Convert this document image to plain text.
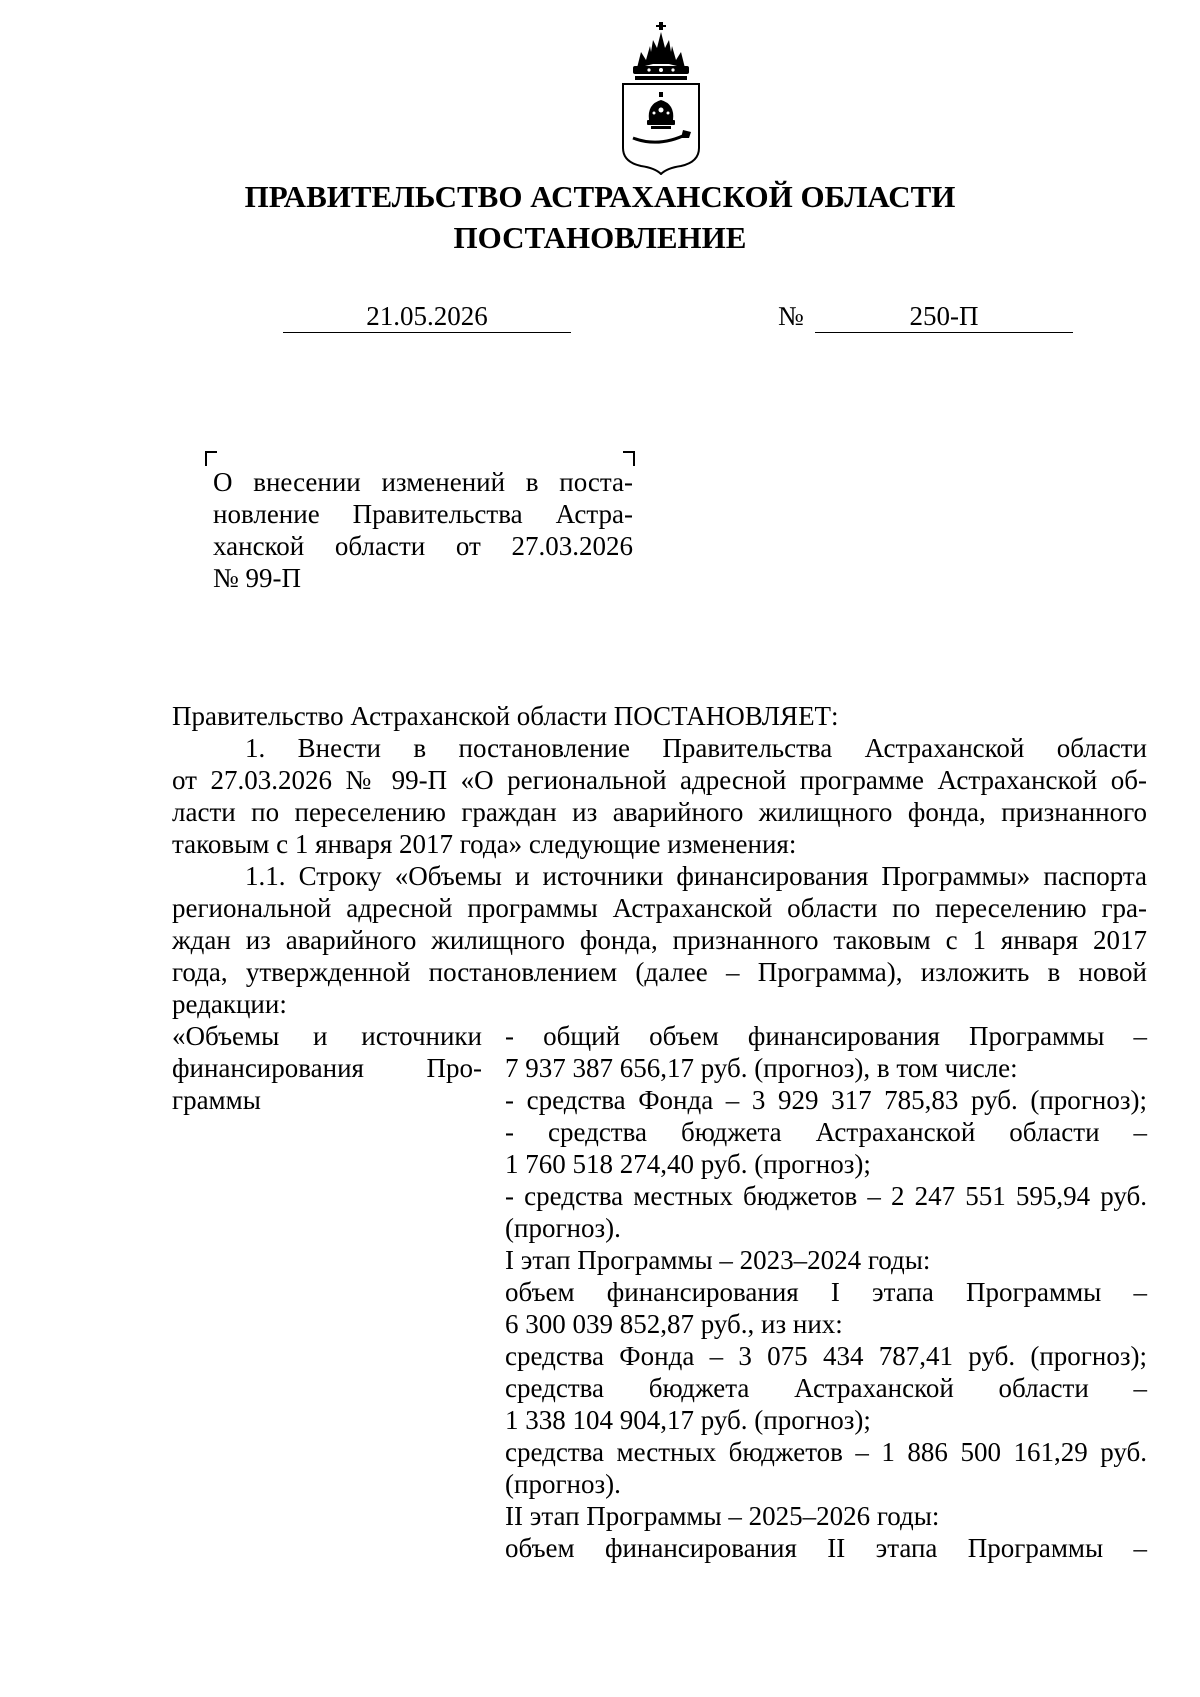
ПРАВИТЕЛЬСТВО АСТРАХАНСКОЙ ОБЛАСТИ
ПОСТАНОВЛЕНИЕ
21.05.2026	№	250-П
О внесении изменений в поста-
новление Правительства Астра-
ханской области от 27.03.2026
№ 99-П
Правительство Астраханской области ПОСТАНОВЛЯЕТ:
1. Внести в постановление Правительства Астраханской области
от 27.03.2026 № 99-П «О региональной адресной программе Астраханской об-
ласти по переселению граждан из аварийного жилищного фонда, признанного
таковым с 1 января 2017 года» следующие изменения:
1.1. Строку «Объемы и источники финансирования Программы» паспорта
региональной адресной программы Астраханской области по переселению гра-
ждан из аварийного жилищного фонда, признанного таковым с 1 января 2017
года, утвержденной постановлением (далее – Программа), изложить в новой
редакции:
«Объемы и источники
финансирования Про-
граммы
- общий объем финансирования Программы –
7 937 387 656,17 руб. (прогноз), в том числе:
- средства Фонда – 3 929 317 785,83 руб. (прогноз);
- средства бюджета Астраханской области –
1 760 518 274,40 руб. (прогноз);
- средства местных бюджетов – 2 247 551 595,94 руб.
(прогноз).
I этап Программы – 2023–2024 годы:
объем финансирования I этапа Программы –
6 300 039 852,87 руб., из них:
средства Фонда – 3 075 434 787,41 руб. (прогноз);
средства бюджета Астраханской области –
1 338 104 904,17 руб. (прогноз);
средства местных бюджетов – 1 886 500 161,29 руб.
(прогноз).
II этап Программы – 2025–2026 годы:
объем финансирования II этапа Программы –
